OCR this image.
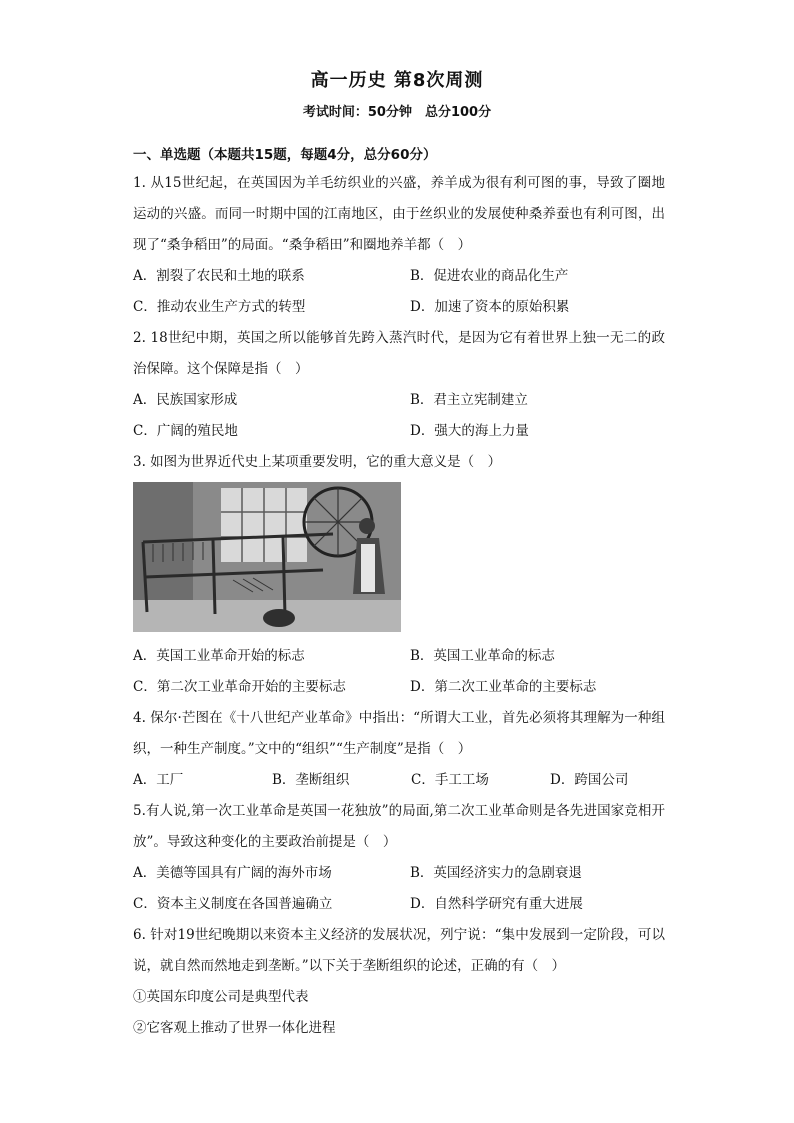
高一历史 第8次周测
考试时间：50分钟　总分100分
一、单选题（本题共15题，每题4分，总分60分）
1. 从15世纪起，在英国因为羊毛纺织业的兴盛，养羊成为很有利可图的事，导致了圈地运动的兴盛。而同一时期中国的江南地区，由于丝织业的发展使种桑养蚕也有利可图，出现了“桑争稻田”的局面。“桑争稻田”和圈地养羊都（　）
A．割裂了农民和土地的联系	B．促进农业的商品化生产
C．推动农业生产方式的转型	D．加速了资本的原始积累
2. 18世纪中期，英国之所以能够首先跨入蒸汽时代，是因为它有着世界上独一无二的政治保障。这个保障是指（　）
A．民族国家形成	B．君主立宪制建立
C．广阔的殖民地	D．强大的海上力量
3. 如图为世界近代史上某项重要发明，它的重大意义是（　）
A．英国工业革命开始的标志	B．英国工业革命的标志
C．第二次工业革命开始的主要标志	D．第二次工业革命的主要标志
4. 保尔·芒图在《十八世纪产业革命》中指出：“所谓大工业，首先必须将其理解为一种组织，一种生产制度。”文中的“组织”“生产制度”是指（　）
A．工厂	B．垄断组织	C．手工工场	D．跨国公司
5.有人说,第一次工业革命是英国一花独放”的局面,第二次工业革命则是各先进国家竞相开放”。导致这种变化的主要政治前提是（　）
A．美德等国具有广阔的海外市场	B．英国经济实力的急剧衰退
C．资本主义制度在各国普遍确立	D．自然科学研究有重大进展
6. 针对19世纪晚期以来资本主义经济的发展状况，列宁说：“集中发展到一定阶段，可以说，就自然而然地走到垄断。”以下关于垄断组织的论述，正确的有（　）
①英国东印度公司是典型代表
②它客观上推动了世界一体化进程
